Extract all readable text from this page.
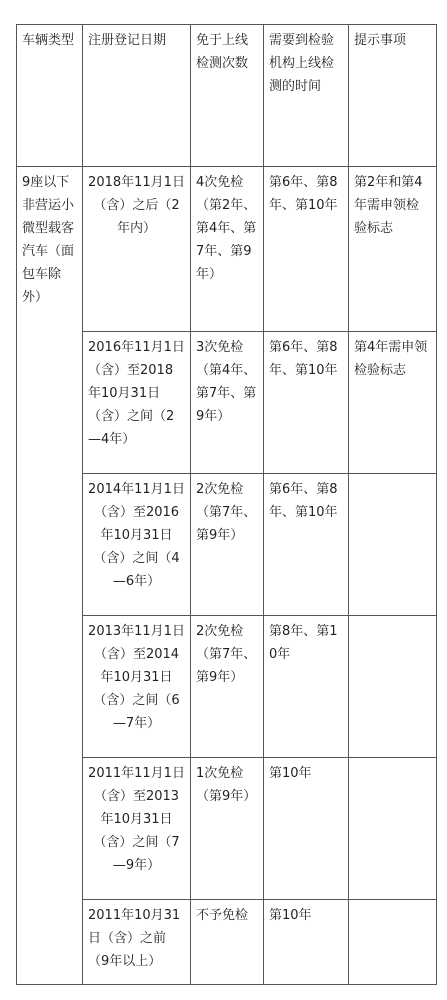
车辆类型	注册登记日期	免于上线检测次数	需要到检验机构上线检测的时间	提示事项
9座以下非营运小微型载客汽车（面包车除外）	2018年11月1日（含）之后（2年内）	4次免检（第2年、第4年、第7年、第9年）	第6年、第8年、第10年	第2年和第4年需申领检验标志
	2016年11月1日（含）至2018年10月31日（含）之间（2—4年）	3次免检（第4年、第7年、第9年）	第6年、第8年、第10年	第4年需申领检验标志
	2014年11月1日（含）至2016年10月31日（含）之间（4—6年）	2次免检（第7年、第9年）	第6年、第8年、第10年	
	2013年11月1日（含）至2014年10月31日（含）之间（6—7年）	2次免检（第7年、第9年）	第8年、第10年	
	2011年11月1日（含）至2013年10月31日（含）之间（7—9年）	1次免检（第9年）	第10年	
	2011年10月31日（含）之前（9年以上）	不予免检	第10年	
